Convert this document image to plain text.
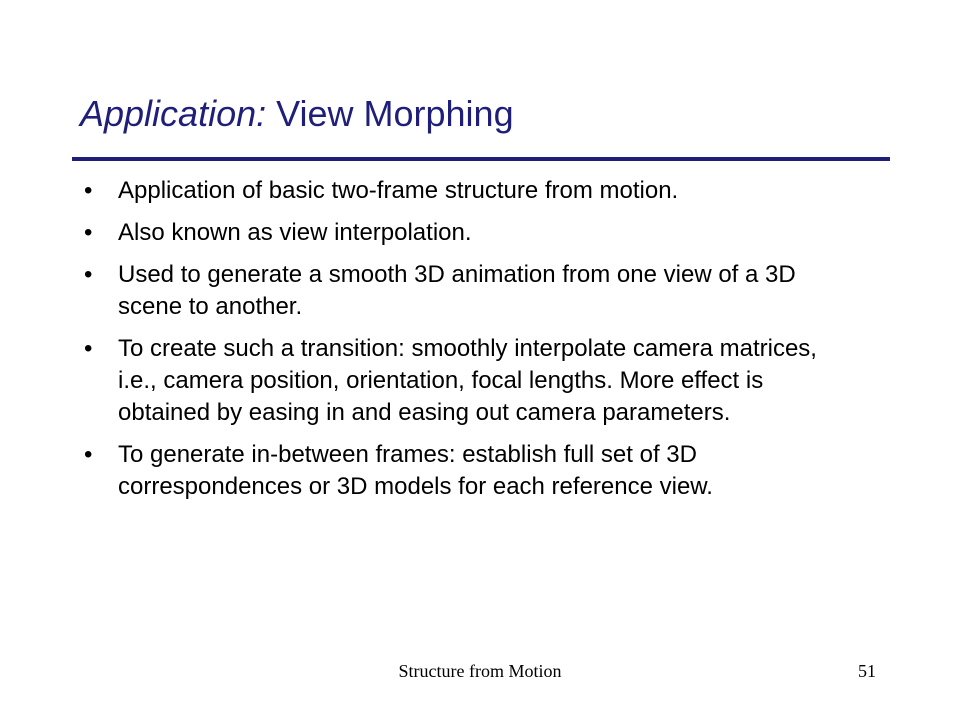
Application: View Morphing
•	Application of basic two-frame structure from motion.
•	Also known as view interpolation.
•	Used to generate a smooth 3D animation from one view of a 3D scene to another.
•	To create such a transition: smoothly interpolate camera matrices, i.e., camera position, orientation, focal lengths. More effect is obtained by easing in and easing out camera parameters.
•	To generate in-between frames: establish full set of 3D correspondences or 3D models for each reference view.
Structure from Motion	51
